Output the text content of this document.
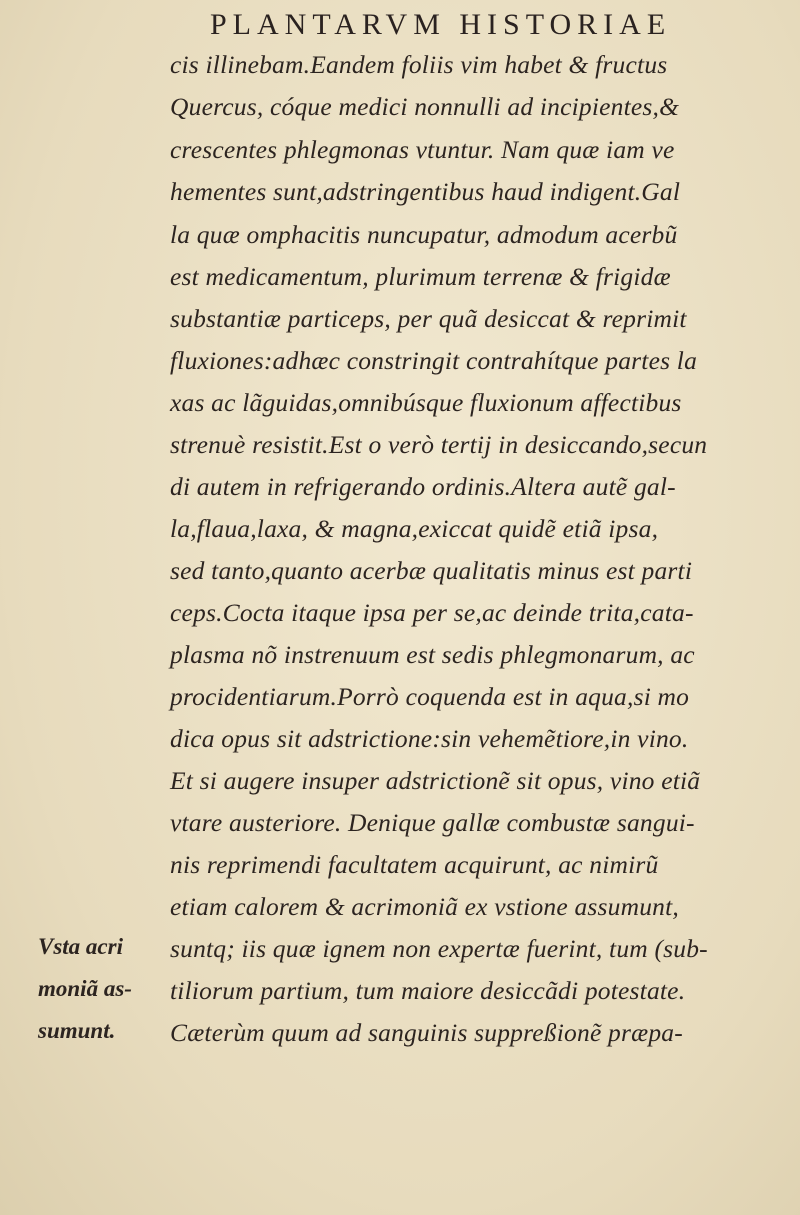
PLANTARVM HISTORIAE
cis illinebam.Eandem foliis vim habet & fructus
Quercus, cóque medici nonnulli ad incipientes,&
crescentes phlegmonas vtuntur. Nam quæ iam ve
hementes sunt,adstringentibus haud indigent.Gal
la quæ omphacitis nuncupatur, admodum acerbũ
est medicamentum, plurimum terrenæ & frigidæ
substantiæ particeps, per quã desiccat & reprimit
fluxiones:adhæc constringit contrahítque partes la
xas ac lãguidas,omnibúsque fluxionum affectibus
strenuè resistit.Est o verò tertij in desiccando,secun
di autem in refrigerando ordinis.Altera autẽ gal-
la,flaua,laxa, & magna,exiccat quidẽ etiã ipsa,
sed tanto,quanto acerbæ qualitatis minus est parti
ceps.Cocta itaque ipsa per se,ac deinde trita,cata-
plasma nõ instrenuum est sedis phlegmonarum, ac
procidentiarum.Porrò coquenda est in aqua,si mo
dica opus sit adstrictione:sin vehemẽtiore,in vino.
Et si augere insuper adstrictionẽ sit opus, vino etiã
vtare austeriore. Denique gallæ combustæ sangui-
nis reprimendi facultatem acquirunt, ac nimirũ
etiam calorem & acrimoniã ex vstione assumunt,
suntq; iis quæ ignem non expertæ fuerint, tum (sub-
tiliorum partium, tum maiore desiccãdi potestate.
Cæterùm quum ad sanguinis suppreßionẽ præpa-
Vsta acri
moniã as-
sumunt.
